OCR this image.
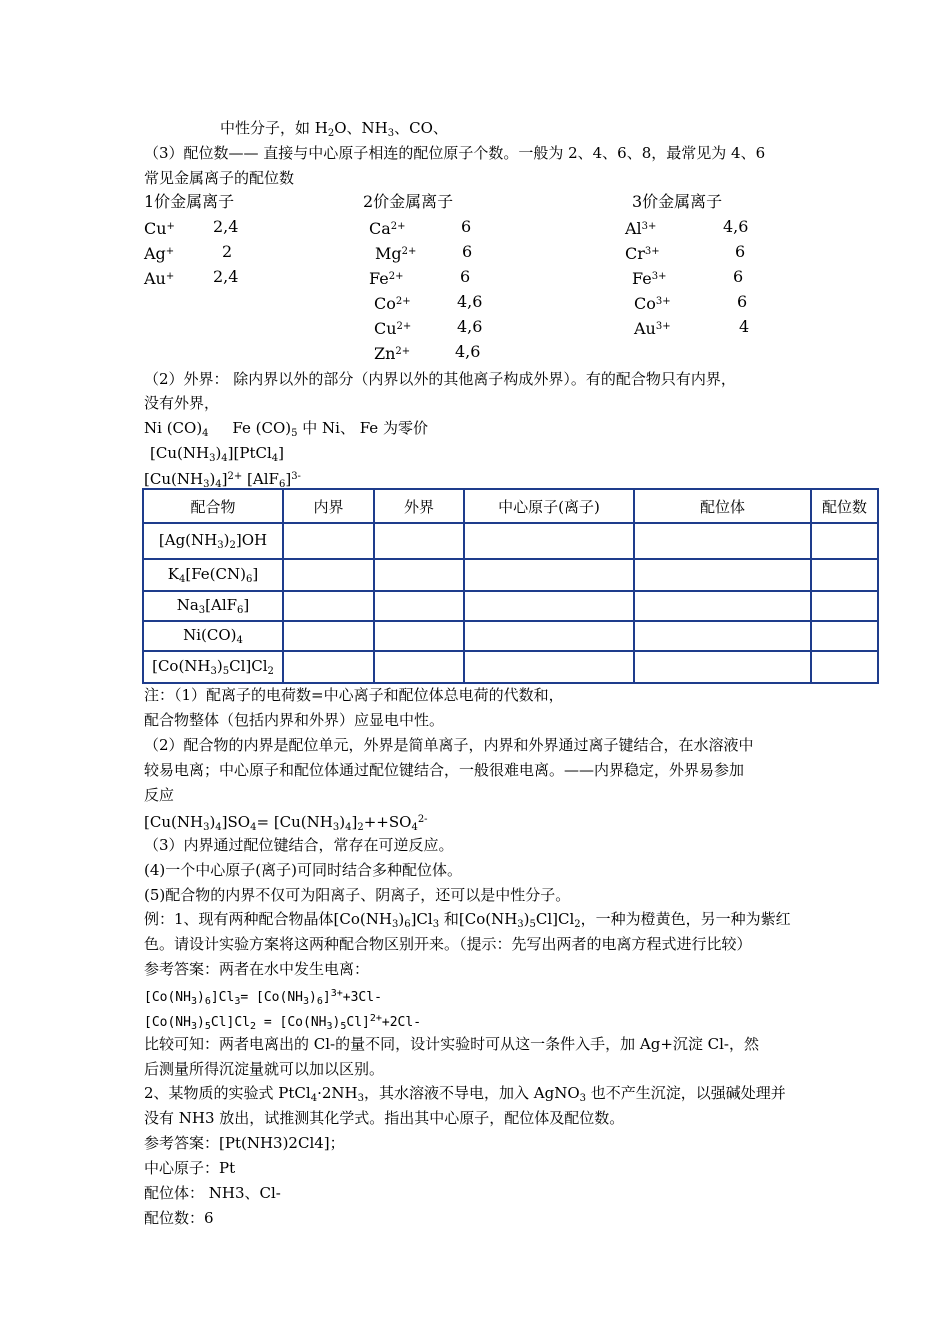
中性分子，如 $H_2O$、$NH_3$、CO、
（3）配位数—— 直接与中心原子相连的配位原子个数。一般为 2、4、6、8，最常见为 4、6
常见金属离子的配位数
1价金属离子	2价金属离子	3价金属离子
Cu+ 2,4
Ag+	2
Au+ 2,4
$Ca^{2+}$	6
$Mg^{2+}$	6
$Fe^{2+}$	6
$Co^{2+}$	4,6
$Cu^{2+}$	4,6
$Zn^{2+}$	4,6
$Al^{3+}$	4,6
$Cr^{3+}$	6
$Fe^{3+}$	6
$Co^{3+}$	6
$Au^{3+}$	4
（2）外界： 除内界以外的部分（内界以外的其他离子构成外界）。有的配合物只有内界，
没有外界，
Ni $(CO)_4$     Fe $(CO)_5$ 中 Ni、 Fe 为零价
$[Cu(NH_3)_4][PtCl_4]$
$[Cu(NH_3)_4]^{2+}$ $[AlF_6]^{3-}$
配合物	内界	外界	中心原子(离子)	配位体	配位数
$[Ag(NH_3)_2]OH$					
$K_4[Fe(CN)_6]$					
$Na_3[AlF_6]$					
$Ni(CO)_4$					
$[Co(NH_3)_5Cl]Cl_2$					
注：（1）配离子的电荷数=中心离子和配位体总电荷的代数和，
配合物整体（包括内界和外界）应显电中性。
（2）配合物的内界是配位单元，外界是简单离子，内界和外界通过离子键结合，在水溶液中
较易电离；中心原子和配位体通过配位键结合，一般很难电离。——内界稳定，外界易参加
反应
$[Cu(NH_3)_4]SO_4= [Cu(NH_3)_4]_2++SO_4^{2-}$
（3）内界通过配位键结合，常存在可逆反应。
(4)一个中心原子(离子)可同时结合多种配位体。
(5)配合物的内界不仅可为阳离子、阴离子，还可以是中性分子。
例：1、现有两种配合物晶体$[Co(NH_3)_6]Cl_3$ 和$[Co(NH_3)_5Cl]Cl_2$，一种为橙黄色，另一种为紫红
色。请设计实验方案将这两种配合物区别开来。（提示：先写出两者的电离方程式进行比较）
参考答案：两者在水中发生电离：
$[Co(NH_3)_6]Cl_3= [Co(NH_3)_6]^{3+}+3Cl-$
$[Co(NH_3)_5Cl]Cl_2 = [Co(NH_3)_5Cl]^{2+}+2Cl-$
比较可知：两者电离出的 Cl-的量不同，设计实验时可从这一条件入手，加 Ag+沉淀 Cl-，然
后测量所得沉淀量就可以加以区别。
2、某物质的实验式 $PtCl_4\cdot 2NH_3$，其水溶液不导电，加入 AgNO$_3$ 也不产生沉淀，以强碱处理并
没有 NH3 放出，试推测其化学式。指出其中心原子，配位体及配位数。
参考答案：[Pt(NH3)2Cl4]；
中心原子：Pt
配位体： NH3、Cl-
配位数：6
